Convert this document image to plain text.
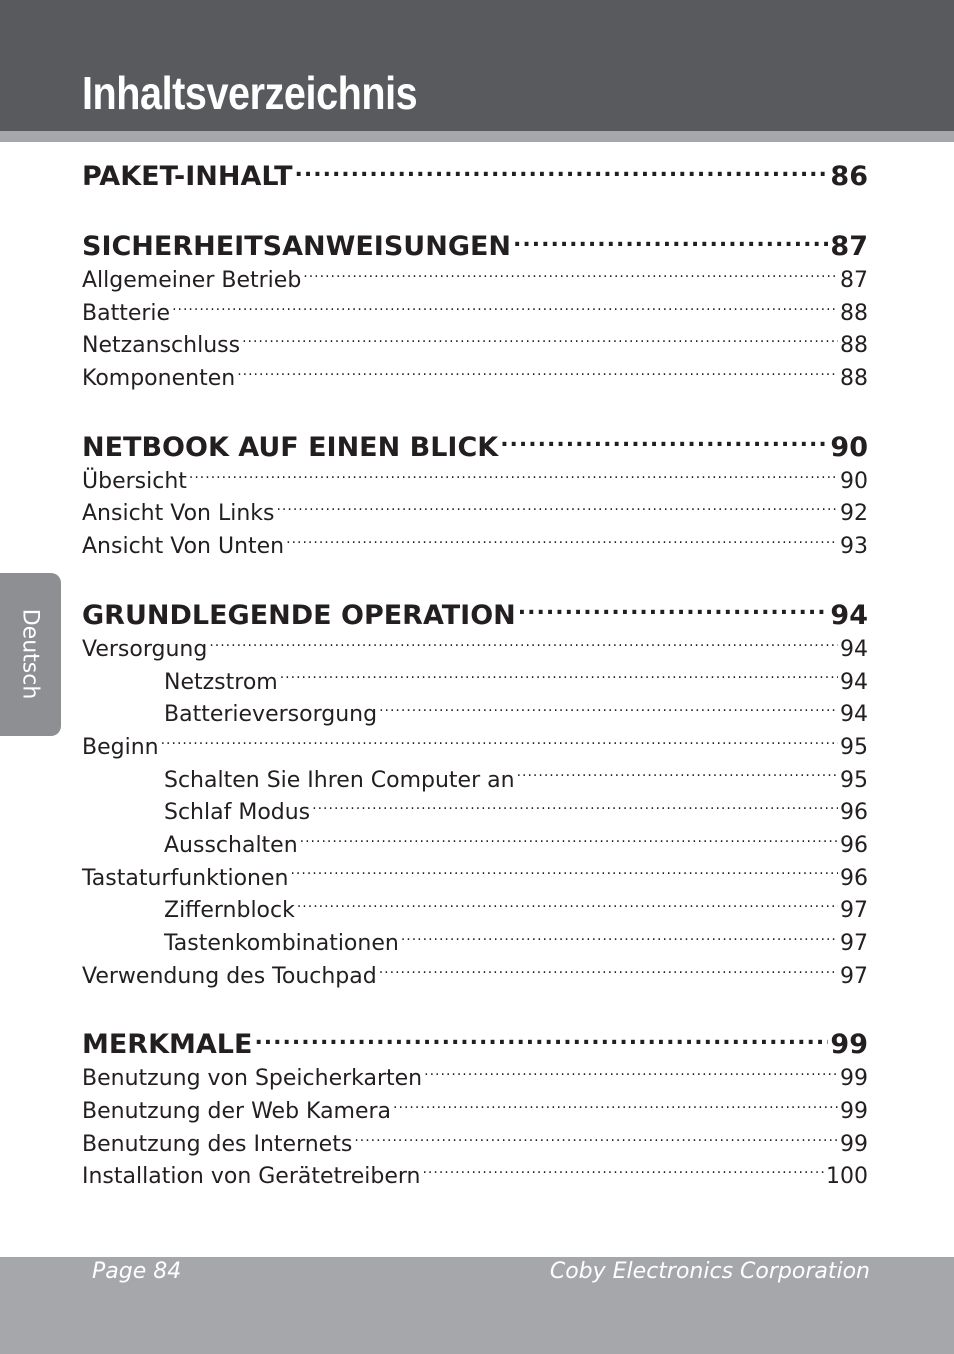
Inhaltsverzeichnis
Deutsch
PAKET-INHALT .....	86
SICHERHEITSANWEISUNGEN .....	87
Allgemeiner Betrieb .....	87
Batterie .....	88
Netzanschluss .....	88
Komponenten .....	88
NETBOOK AUF EINEN BLICK .....	90
Übersicht .....	90
Ansicht Von Links .....	92
Ansicht Von Unten .....	93
GRUNDLEGENDE OPERATION .....	94
Versorgung .....	94
Netzstrom .....	94
Batterieversorgung .....	94
Beginn .....	95
Schalten Sie Ihren Computer an .....	95
Schlaf Modus .....	96
Ausschalten .....	96
Tastaturfunktionen .....	96
Ziffernblock .....	97
Tastenkombinationen .....	97
Verwendung des Touchpad .....	97
MERKMALE .....	99
Benutzung von Speicherkarten .....	99
Benutzung der Web Kamera .....	99
Benutzung des Internets .....	99
Installation von Gerätetreibern .....	100
Page 84	Coby Electronics Corporation
